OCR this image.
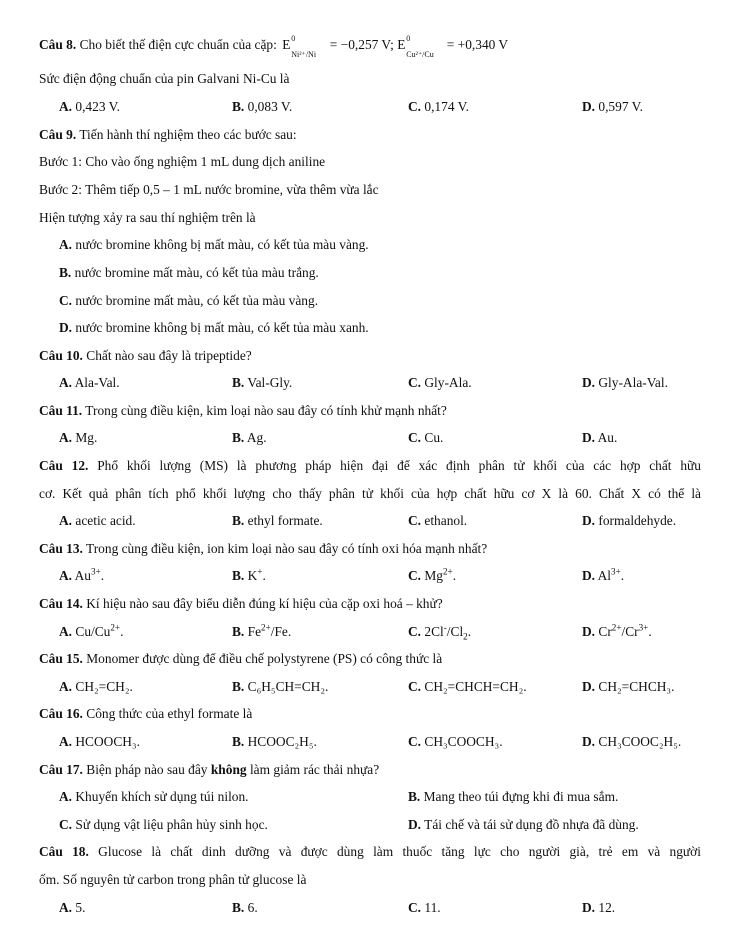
Câu 8. Cho biết thế điện cực chuẩn của cặp: E 0
Ni²⁺/Ni
= −0,257 V; E 0
Cu²⁺/Cu
= +0,340 V
Sức điện động chuẩn của pin Galvani Ni-Cu là
A. 0,423 V.	B. 0,083 V.	C. 0,174 V.	D. 0,597 V.
Câu 9. Tiến hành thí nghiệm theo các bước sau:
Bước 1: Cho vào ống nghiệm 1 mL dung dịch aniline
Bước 2: Thêm tiếp 0,5 – 1 mL nước bromine, vừa thêm vừa lắc
Hiện tượng xảy ra sau thí nghiệm trên là
A. nước bromine không bị mất màu, có kết tủa màu vàng.
B. nước bromine mất màu, có kết tủa màu trắng.
C. nước bromine mất màu, có kết tủa màu vàng.
D. nước bromine không bị mất màu, có kết tủa màu xanh.
Câu 10. Chất nào sau đây là tripeptide?
A. Ala-Val.	B. Val-Gly.	C. Gly-Ala.	D. Gly-Ala-Val.
Câu 11. Trong cùng điều kiện, kim loại nào sau đây có tính khử mạnh nhất?
A. Mg.	B. Ag.	C. Cu.	D. Au.
Câu 12. Phổ khối lượng (MS) là phương pháp hiện đại để xác định phân tử khối của các hợp chất hữu
cơ. Kết quả phân tích phổ khối lượng cho thấy phân tử khối của hợp chất hữu cơ X là 60. Chất X có thể là
A. acetic acid.	B. ethyl formate.	C. ethanol.	D. formaldehyde.
Câu 13. Trong cùng điều kiện, ion kim loại nào sau đây có tính oxi hóa mạnh nhất?
A. $Au^{3+}$.	B. K+.	C. $Mg^{2+}$.	D. $Al^{3+}$.
Câu 14. Kí hiệu nào sau đây biểu diễn đúng kí hiệu của cặp oxi hoá – khử?
A. $Cu/Cu^{2+}$.	B. $Fe^{2+}/Fe$.	C. $2Cl^-/Cl_2$.	D. $Cr^{2+}/Cr^{3+}$.
Câu 15. Monomer được dùng để điều chế polystyrene (PS) có công thức là
A. CH₂=CH₂.	B. C₆H₅CH=CH₂.	C. CH₂=CHCH=CH₂.	D. CH₂=CHCH₃.
Câu 16. Công thức của ethyl formate là
A. HCOOCH₃.	B. HCOOC₂H₅.	C. CH₃COOCH₃.	D. CH₃COOC₂H₅.
Câu 17. Biện pháp nào sau đây không làm giảm rác thải nhựa?
A. Khuyến khích sử dụng túi nilon.	B. Mang theo túi đựng khi đi mua sắm.
C. Sử dụng vật liệu phân hủy sinh học.	D. Tái chế và tái sử dụng đồ nhựa đã dùng.
Câu 18. Glucose là chất dinh dưỡng và được dùng làm thuốc tăng lực cho người già, trẻ em và người
ốm. Số nguyên tử carbon trong phân tử glucose là
A. 5.	B. 6.	C. 11.	D. 12.
